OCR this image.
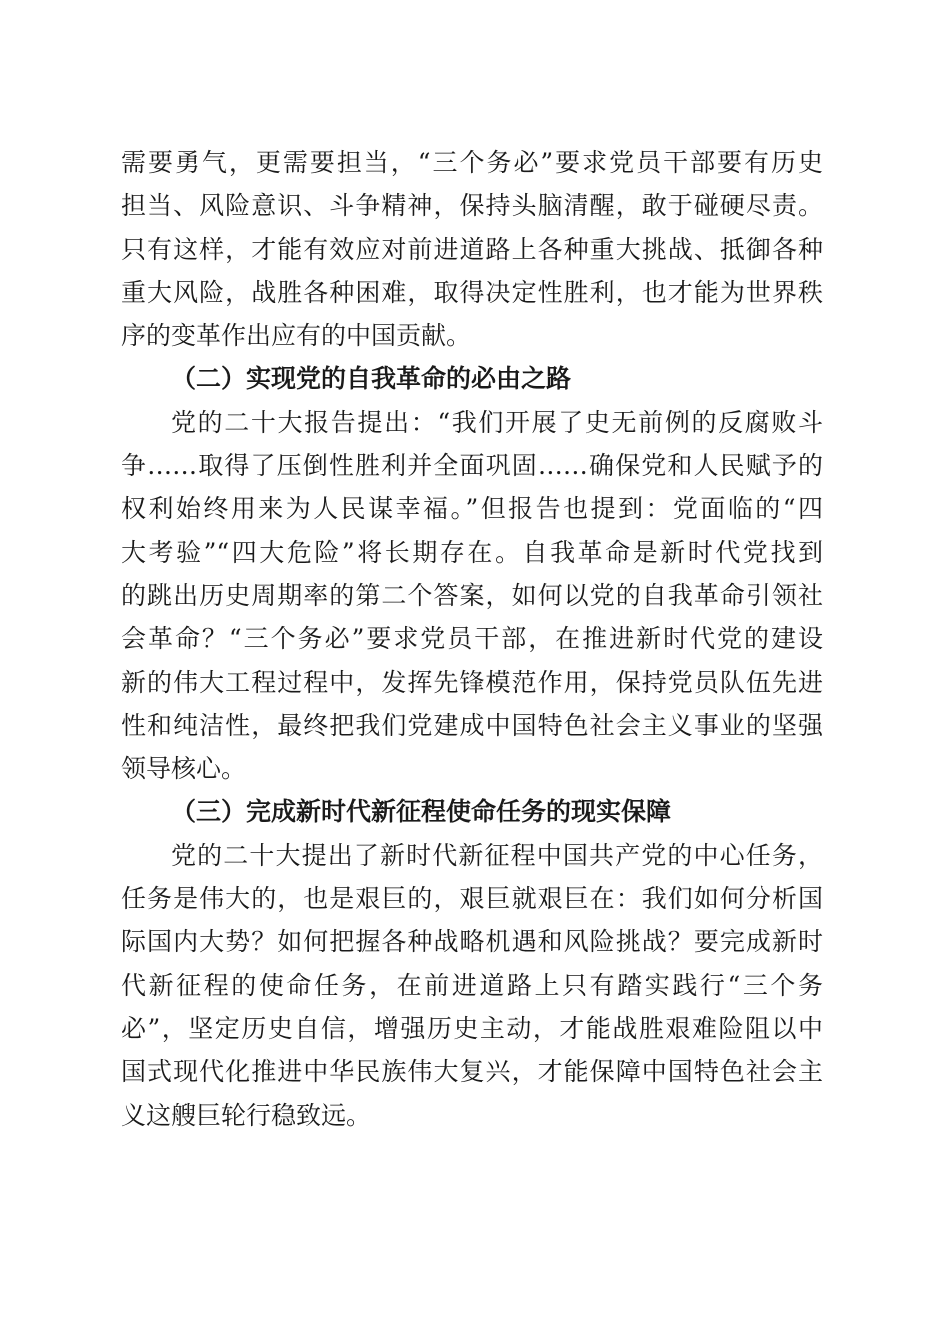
需要勇气，更需要担当，“三个务必”要求党员干部要有历史
担当、风险意识、斗争精神，保持头脑清醒，敢于碰硬尽责。
只有这样，才能有效应对前进道路上各种重大挑战、抵御各种
重大风险，战胜各种困难，取得决定性胜利，也才能为世界秩
序的变革作出应有的中国贡献。
（二）实现党的自我革命的必由之路
党的二十大报告提出：“我们开展了史无前例的反腐败斗
争……取得了压倒性胜利并全面巩固……确保党和人民赋予的
权利始终用来为人民谋幸福。”但报告也提到：党面临的“四
大考验”“四大危险”将长期存在。自我革命是新时代党找到
的跳出历史周期率的第二个答案，如何以党的自我革命引领社
会革命？“三个务必”要求党员干部，在推进新时代党的建设
新的伟大工程过程中，发挥先锋模范作用，保持党员队伍先进
性和纯洁性，最终把我们党建成中国特色社会主义事业的坚强
领导核心。
（三）完成新时代新征程使命任务的现实保障
党的二十大提出了新时代新征程中国共产党的中心任务，
任务是伟大的，也是艰巨的，艰巨就艰巨在：我们如何分析国
际国内大势？如何把握各种战略机遇和风险挑战？要完成新时
代新征程的使命任务，在前进道路上只有踏实践行“三个务
必”，坚定历史自信，增强历史主动，才能战胜艰难险阻以中
国式现代化推进中华民族伟大复兴，才能保障中国特色社会主
义这艘巨轮行稳致远。
